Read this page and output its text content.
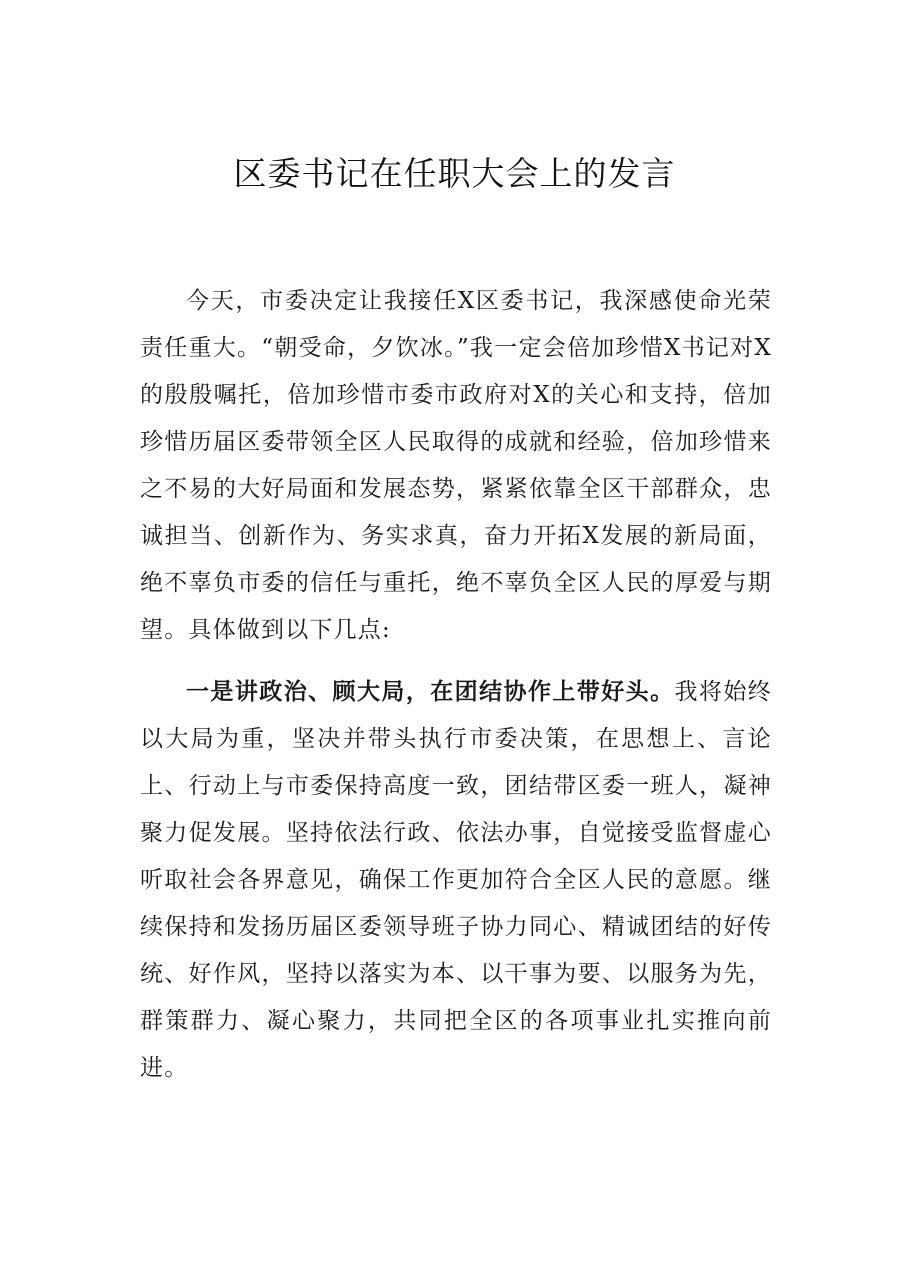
区委书记在任职大会上的发言

今天，市委决定让我接任X区委书记，我深感使命光荣责任重大。“朝受命，夕饮冰。”我一定会倍加珍惜X书记对X的殷殷嘱托，倍加珍惜市委市政府对X的关心和支持，倍加珍惜历届区委带领全区人民取得的成就和经验，倍加珍惜来之不易的大好局面和发展态势，紧紧依靠全区干部群众，忠诚担当、创新作为、务实求真，奋力开拓X发展的新局面，绝不辜负市委的信任与重托，绝不辜负全区人民的厚爱与期望。具体做到以下几点:

一是讲政治、顾大局，在团结协作上带好头。我将始终以大局为重，坚决并带头执行市委决策，在思想上、言论上、行动上与市委保持高度一致，团结带区委一班人，凝神聚力促发展。坚持依法行政、依法办事，自觉接受监督虚心听取社会各界意见，确保工作更加符合全区人民的意愿。继续保持和发扬历届区委领导班子协力同心、精诚团结的好传统、好作风，坚持以落实为本、以干事为要、以服务为先，群策群力、凝心聚力，共同把全区的各项事业扎实推向前进。
